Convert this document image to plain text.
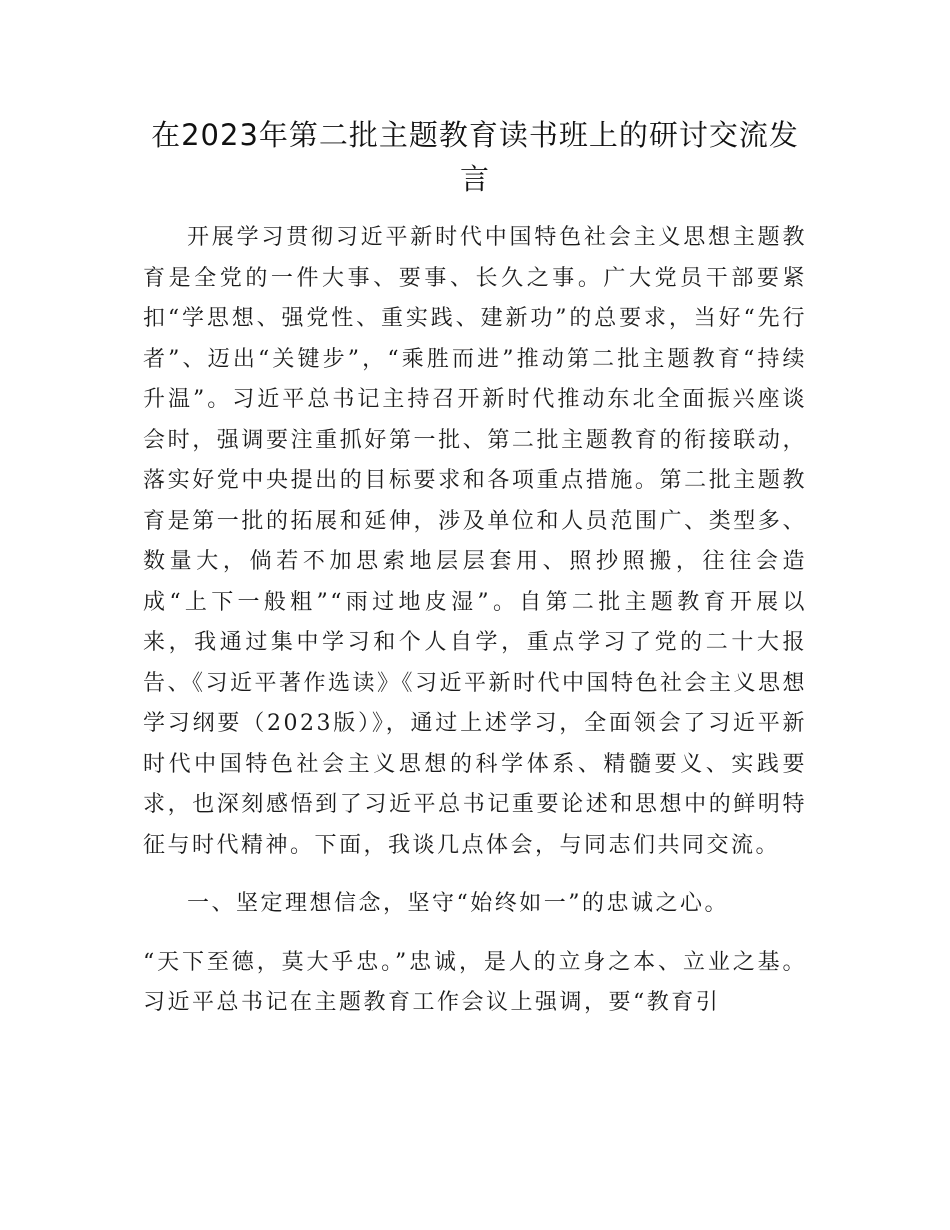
在2023年第二批主题教育读书班上的研讨交流发言

开展学习贯彻习近平新时代中国特色社会主义思想主题教育是全党的一件大事、要事、长久之事。广大党员干部要紧扣“学思想、强党性、重实践、建新功”的总要求，当好“先行者”、迈出“关键步”，“乘胜而进”推动第二批主题教育“持续升温”。习近平总书记主持召开新时代推动东北全面振兴座谈会时，强调要注重抓好第一批、第二批主题教育的衔接联动，落实好党中央提出的目标要求和各项重点措施。第二批主题教育是第一批的拓展和延伸，涉及单位和人员范围广、类型多、数量大，倘若不加思索地层层套用、照抄照搬，往往会造成“上下一般粗”“雨过地皮湿”。自第二批主题教育开展以来，我通过集中学习和个人自学，重点学习了党的二十大报告、《习近平著作选读》《习近平新时代中国特色社会主义思想学习纲要（2023版）》，通过上述学习，全面领会了习近平新时代中国特色社会主义思想的科学体系、精髓要义、实践要求，也深刻感悟到了习近平总书记重要论述和思想中的鲜明特征与时代精神。下面，我谈几点体会，与同志们共同交流。

一、坚定理想信念，坚守“始终如一”的忠诚之心。

“天下至德，莫大乎忠。”忠诚，是人的立身之本、立业之基。习近平总书记在主题教育工作会议上强调，要“教育引
